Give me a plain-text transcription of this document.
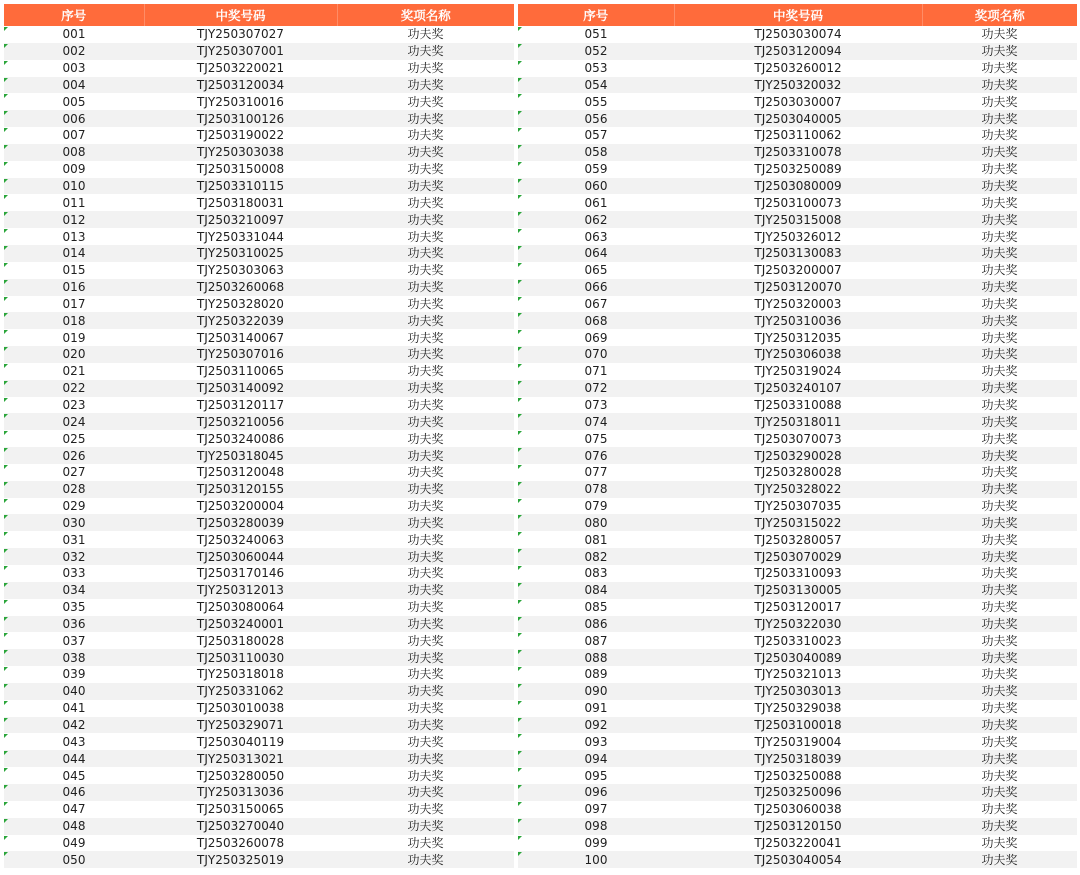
序号	中奖号码	奖项名称
001	TJY250307027	功夫奖
002	TJY250307001	功夫奖
003	TJ2503220021	功夫奖
004	TJ2503120034	功夫奖
005	TJY250310016	功夫奖
006	TJ2503100126	功夫奖
007	TJ2503190022	功夫奖
008	TJY250303038	功夫奖
009	TJ2503150008	功夫奖
010	TJ2503310115	功夫奖
011	TJ2503180031	功夫奖
012	TJ2503210097	功夫奖
013	TJY250331044	功夫奖
014	TJY250310025	功夫奖
015	TJY250303063	功夫奖
016	TJ2503260068	功夫奖
017	TJY250328020	功夫奖
018	TJY250322039	功夫奖
019	TJ2503140067	功夫奖
020	TJY250307016	功夫奖
021	TJ2503110065	功夫奖
022	TJ2503140092	功夫奖
023	TJ2503120117	功夫奖
024	TJ2503210056	功夫奖
025	TJ2503240086	功夫奖
026	TJY250318045	功夫奖
027	TJ2503120048	功夫奖
028	TJ2503120155	功夫奖
029	TJ2503200004	功夫奖
030	TJ2503280039	功夫奖
031	TJ2503240063	功夫奖
032	TJ2503060044	功夫奖
033	TJ2503170146	功夫奖
034	TJY250312013	功夫奖
035	TJ2503080064	功夫奖
036	TJ2503240001	功夫奖
037	TJ2503180028	功夫奖
038	TJ2503110030	功夫奖
039	TJY250318018	功夫奖
040	TJY250331062	功夫奖
041	TJ2503010038	功夫奖
042	TJY250329071	功夫奖
043	TJ2503040119	功夫奖
044	TJY250313021	功夫奖
045	TJ2503280050	功夫奖
046	TJY250313036	功夫奖
047	TJ2503150065	功夫奖
048	TJ2503270040	功夫奖
049	TJ2503260078	功夫奖
050	TJY250325019	功夫奖
序号	中奖号码	奖项名称
051	TJ2503030074	功夫奖
052	TJ2503120094	功夫奖
053	TJ2503260012	功夫奖
054	TJY250320032	功夫奖
055	TJ2503030007	功夫奖
056	TJ2503040005	功夫奖
057	TJ2503110062	功夫奖
058	TJ2503310078	功夫奖
059	TJ2503250089	功夫奖
060	TJ2503080009	功夫奖
061	TJ2503100073	功夫奖
062	TJY250315008	功夫奖
063	TJY250326012	功夫奖
064	TJ2503130083	功夫奖
065	TJ2503200007	功夫奖
066	TJ2503120070	功夫奖
067	TJY250320003	功夫奖
068	TJY250310036	功夫奖
069	TJY250312035	功夫奖
070	TJY250306038	功夫奖
071	TJY250319024	功夫奖
072	TJ2503240107	功夫奖
073	TJ2503310088	功夫奖
074	TJY250318011	功夫奖
075	TJ2503070073	功夫奖
076	TJ2503290028	功夫奖
077	TJ2503280028	功夫奖
078	TJY250328022	功夫奖
079	TJY250307035	功夫奖
080	TJY250315022	功夫奖
081	TJ2503280057	功夫奖
082	TJ2503070029	功夫奖
083	TJ2503310093	功夫奖
084	TJ2503130005	功夫奖
085	TJ2503120017	功夫奖
086	TJY250322030	功夫奖
087	TJ2503310023	功夫奖
088	TJ2503040089	功夫奖
089	TJY250321013	功夫奖
090	TJY250303013	功夫奖
091	TJY250329038	功夫奖
092	TJ2503100018	功夫奖
093	TJY250319004	功夫奖
094	TJY250318039	功夫奖
095	TJ2503250088	功夫奖
096	TJ2503250096	功夫奖
097	TJ2503060038	功夫奖
098	TJ2503120150	功夫奖
099	TJ2503220041	功夫奖
100	TJ2503040054	功夫奖
